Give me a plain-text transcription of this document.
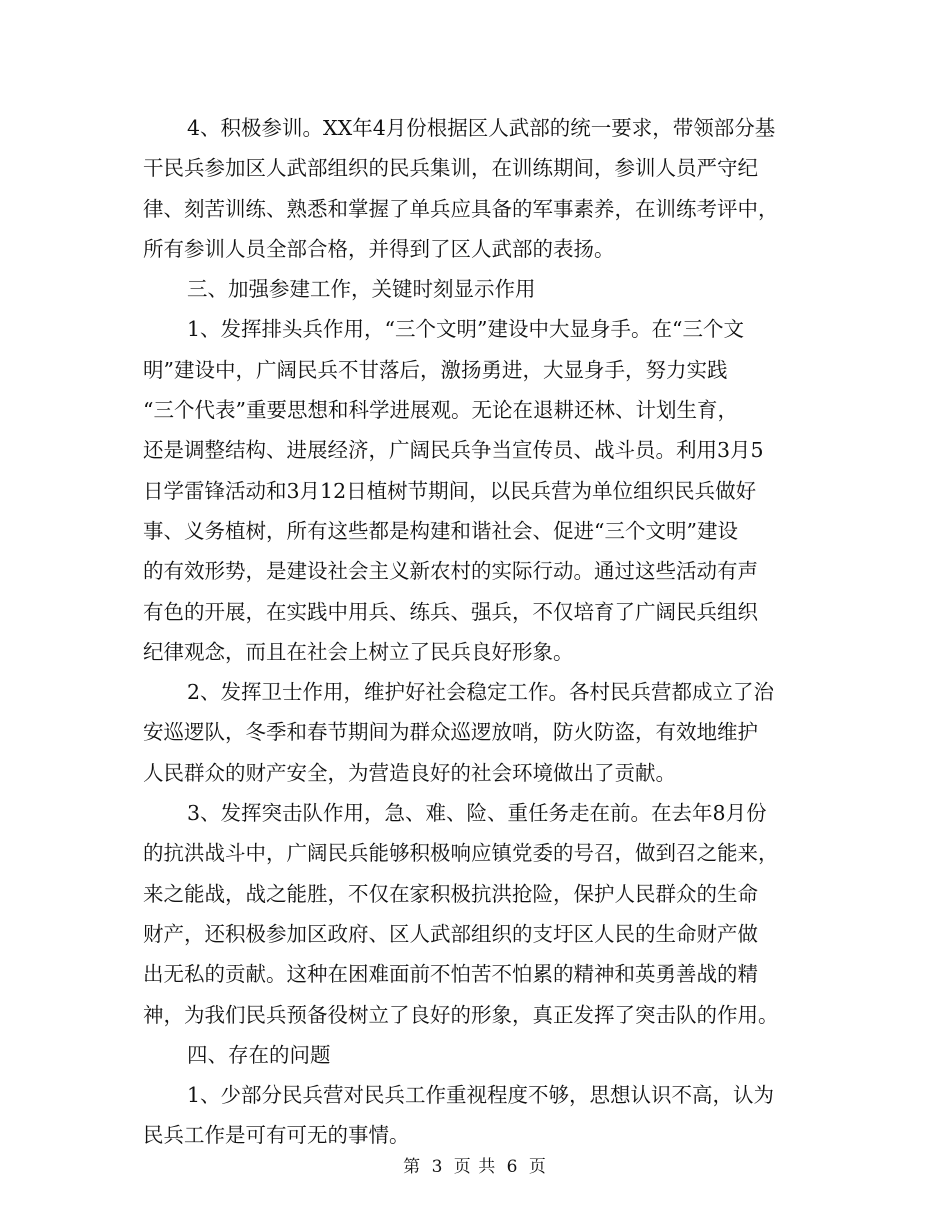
4、积极参训。XX年4月份根据区人武部的统一要求，带领部分基
干民兵参加区人武部组织的民兵集训，在训练期间，参训人员严守纪
律、刻苦训练、熟悉和掌握了单兵应具备的军事素养，在训练考评中，
所有参训人员全部合格，并得到了区人武部的表扬。
三、加强参建工作，关键时刻显示作用
1、发挥排头兵作用，“三个文明”建设中大显身手。在“三个文
明”建设中，广阔民兵不甘落后，激扬勇进，大显身手，努力实践
“三个代表”重要思想和科学进展观。无论在退耕还林、计划生育，
还是调整结构、进展经济，广阔民兵争当宣传员、战斗员。利用3月5
日学雷锋活动和3月12日植树节期间，以民兵营为单位组织民兵做好
事、义务植树，所有这些都是构建和谐社会、促进“三个文明”建设
的有效形势，是建设社会主义新农村的实际行动。通过这些活动有声
有色的开展，在实践中用兵、练兵、强兵，不仅培育了广阔民兵组织
纪律观念，而且在社会上树立了民兵良好形象。
2、发挥卫士作用，维护好社会稳定工作。各村民兵营都成立了治
安巡逻队，冬季和春节期间为群众巡逻放哨，防火防盗，有效地维护
人民群众的财产安全，为营造良好的社会环境做出了贡献。
3、发挥突击队作用，急、难、险、重任务走在前。在去年8月份
的抗洪战斗中，广阔民兵能够积极响应镇党委的号召，做到召之能来，
来之能战，战之能胜，不仅在家积极抗洪抢险，保护人民群众的生命
财产，还积极参加区政府、区人武部组织的支圩区人民的生命财产做
出无私的贡献。这种在困难面前不怕苦不怕累的精神和英勇善战的精
神，为我们民兵预备役树立了良好的形象，真正发挥了突击队的作用。
四、存在的问题
1、少部分民兵营对民兵工作重视程度不够，思想认识不高，认为
民兵工作是可有可无的事情。
第 3 页 共 6 页
